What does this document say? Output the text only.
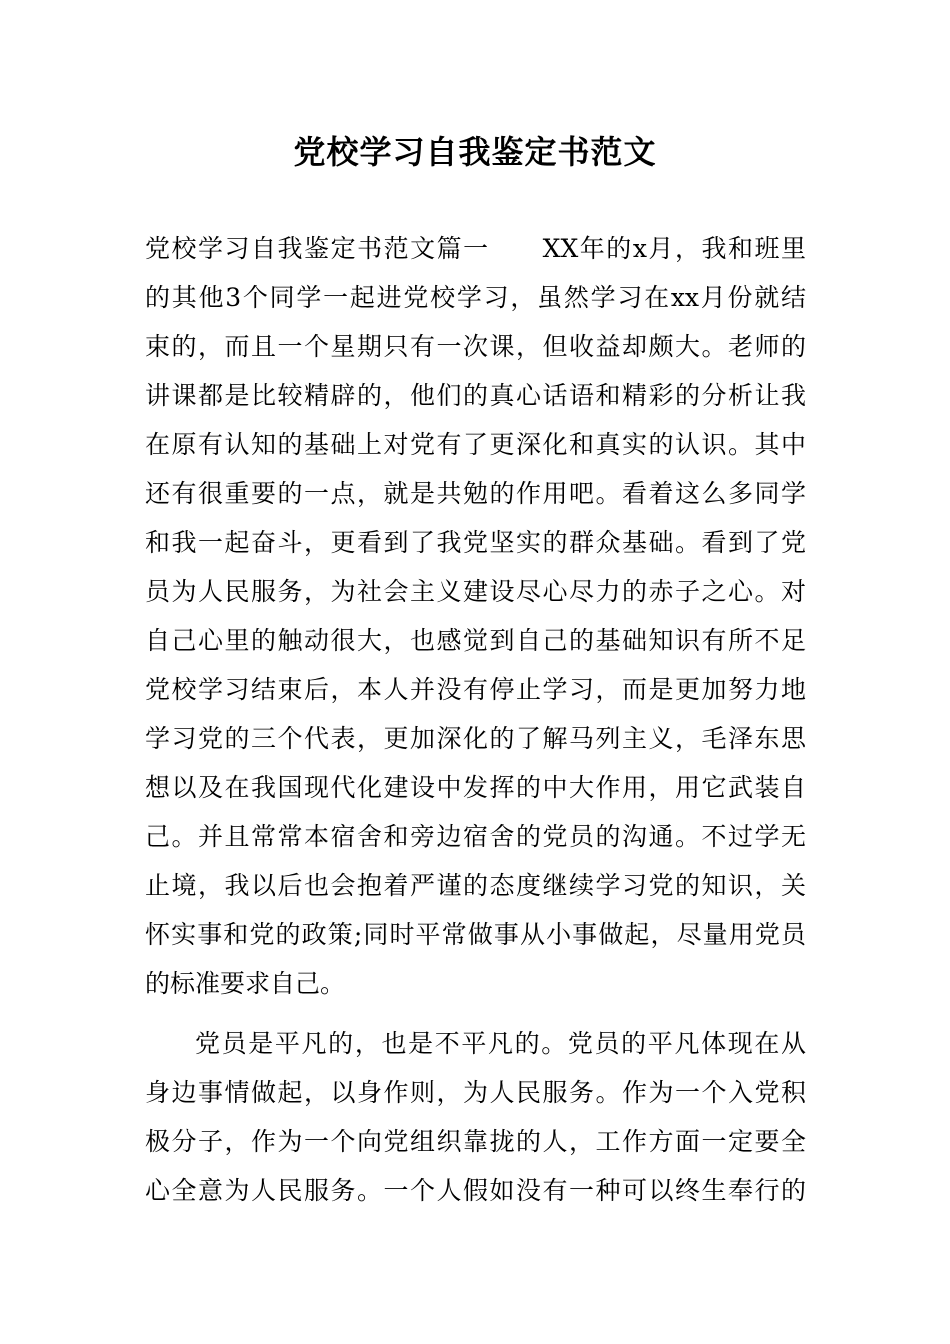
党校学习自我鉴定书范文
党校学习自我鉴定书范文篇一　　XX年的x月，我和班里
的其他3个同学一起进党校学习，虽然学习在xx月份就结
束的，而且一个星期只有一次课，但收益却颇大。老师的
讲课都是比较精辟的，他们的真心话语和精彩的分析让我
在原有认知的基础上对党有了更深化和真实的认识。其中
还有很重要的一点，就是共勉的作用吧。看着这么多同学
和我一起奋斗，更看到了我党坚实的群众基础。看到了党
员为人民服务，为社会主义建设尽心尽力的赤子之心。对
自己心里的触动很大，也感觉到自己的基础知识有所不足
党校学习结束后，本人并没有停止学习，而是更加努力地
学习党的三个代表，更加深化的了解马列主义，毛泽东思
想以及在我国现代化建设中发挥的中大作用，用它武装自
己。并且常常本宿舍和旁边宿舍的党员的沟通。不过学无
止境，我以后也会抱着严谨的态度继续学习党的知识，关
怀实事和党的政策;同时平常做事从小事做起，尽量用党员
的标准要求自己。
党员是平凡的，也是不平凡的。党员的平凡体现在从
身边事情做起，以身作则，为人民服务。作为一个入党积
极分子，作为一个向党组织靠拢的人，工作方面一定要全
心全意为人民服务。一个人假如没有一种可以终生奉行的
